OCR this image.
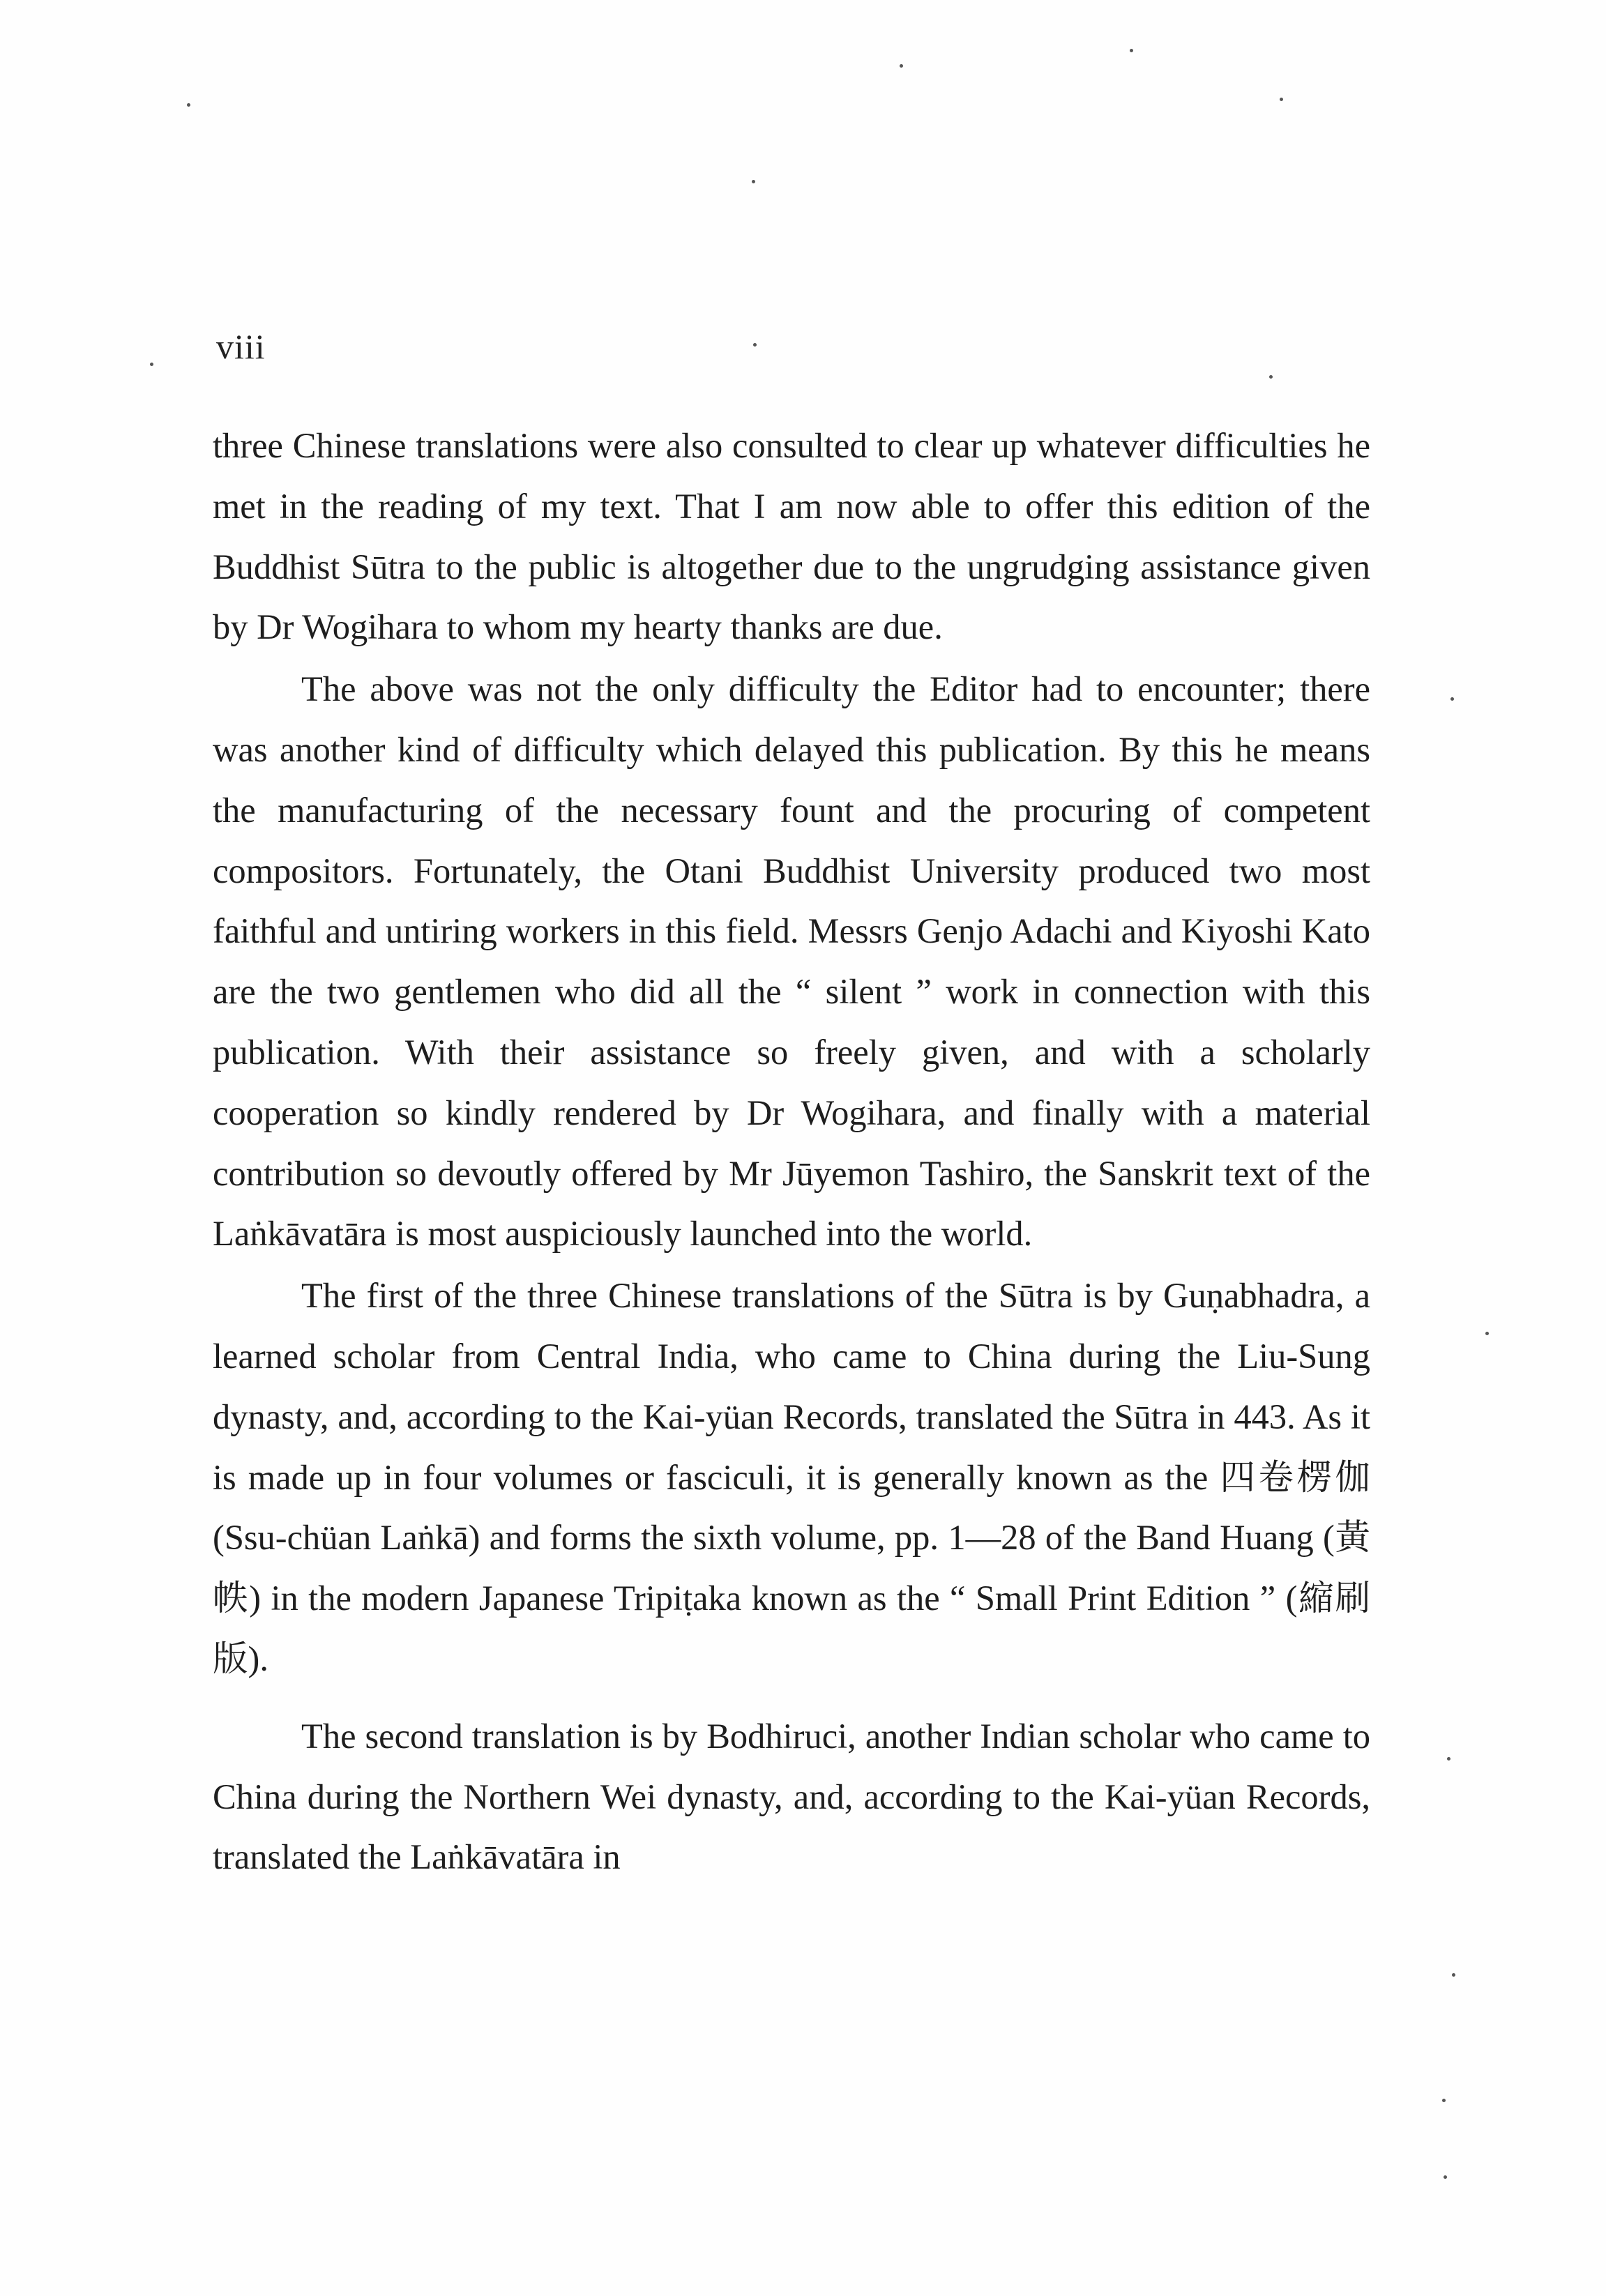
viii

three Chinese translations were also consulted to clear up whatever difficulties he met in the reading of my text. That I am now able to offer this edition of the Buddhist Sūtra to the public is altogether due to the ungrudging assistance given by Dr Wogihara to whom my hearty thanks are due.

The above was not the only difficulty the Editor had to encounter; there was another kind of difficulty which delayed this publication. By this he means the manufacturing of the necessary fount and the procuring of competent compositors. Fortunately, the Otani Buddhist University produced two most faithful and untiring workers in this field. Messrs Genjo Adachi and Kiyoshi Kato are the two gentlemen who did all the “ silent ” work in connection with this publication. With their assistance so freely given, and with a scholarly cooperation so kindly rendered by Dr Wogihara, and finally with a material contribution so devoutly offered by Mr Jūyemon Tashiro, the Sanskrit text of the Laṅkāvatāra is most auspiciously launched into the world.

The first of the three Chinese translations of the Sūtra is by Guṇabhadra, a learned scholar from Central India, who came to China during the Liu-Sung dynasty, and, according to the Kai-yüan Records, translated the Sūtra in 443. As it is made up in four volumes or fasciculi, it is generally known as the 四卷楞伽 (Ssu-chüan Laṅkā) and forms the sixth volume, pp. 1—28 of the Band Huang (黃帙) in the modern Japanese Tripiṭaka known as the “ Small Print Edition ” (縮刷版).

The second translation is by Bodhiruci, another Indian scholar who came to China during the Northern Wei dynasty, and, according to the Kai-yüan Records, translated the Laṅkāvatāra in
